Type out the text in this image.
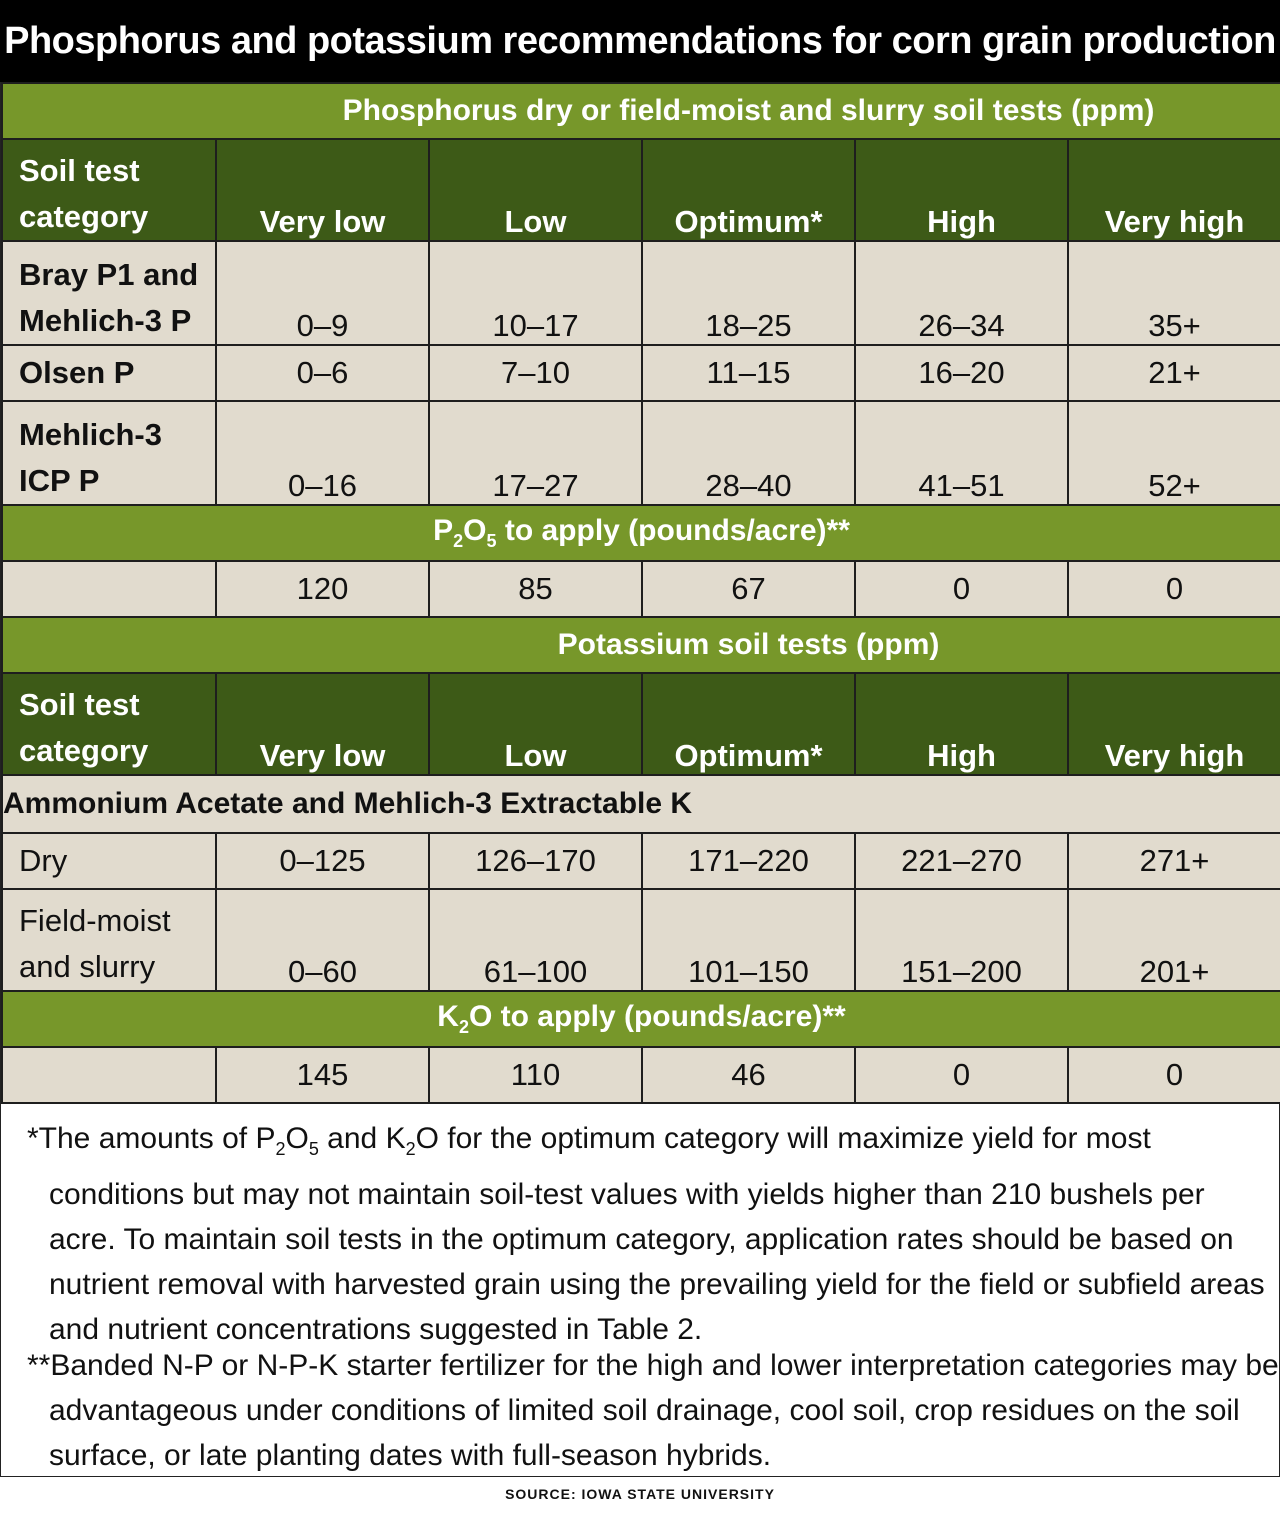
Phosphorus and potassium recommendations for corn grain production
Phosphorus dry or field-moist and slurry soil tests (ppm)					

Soil test category	Very low	Low	Optimum*	High	Very high
Bray P1 and Mehlich-3 P	0–9	10–17	18–25	26–34	35+
Olsen P	0–6	7–10	11–15	16–20	21+
Mehlich-3 ICP P	0–16	17–27	28–40	41–51	52+
$P_2O_5$ to apply (pounds/acre)**					
	120	85	67	0	0

Potassium soil tests (ppm)					

Soil test category	Very low	Low	Optimum*	High	Very high
Ammonium Acetate and Mehlich-3 Extractable K					
Dry	0–125	126–170	171–220	221–270	271+
Field-moist and slurry	0–60	61–100	101–150	151–200	201+
$K_2O$ to apply (pounds/acre)**					
	145	110	46	0	0
*The amounts of $P_2O_5$ and $K_2O$ for the optimum category will maximize yield for most conditions but may not maintain soil-test values with yields higher than 210 bushels per acre. To maintain soil tests in the optimum category, application rates should be based on nutrient removal with harvested grain using the prevailing yield for the field or subfield areas and nutrient concentrations suggested in Table 2.
**Banded N-P or N-P-K starter fertilizer for the high and lower interpretation categories may be advantageous under conditions of limited soil drainage, cool soil, crop residues on the soil surface, or late planting dates with full-season hybrids.
SOURCE: IOWA STATE UNIVERSITY
